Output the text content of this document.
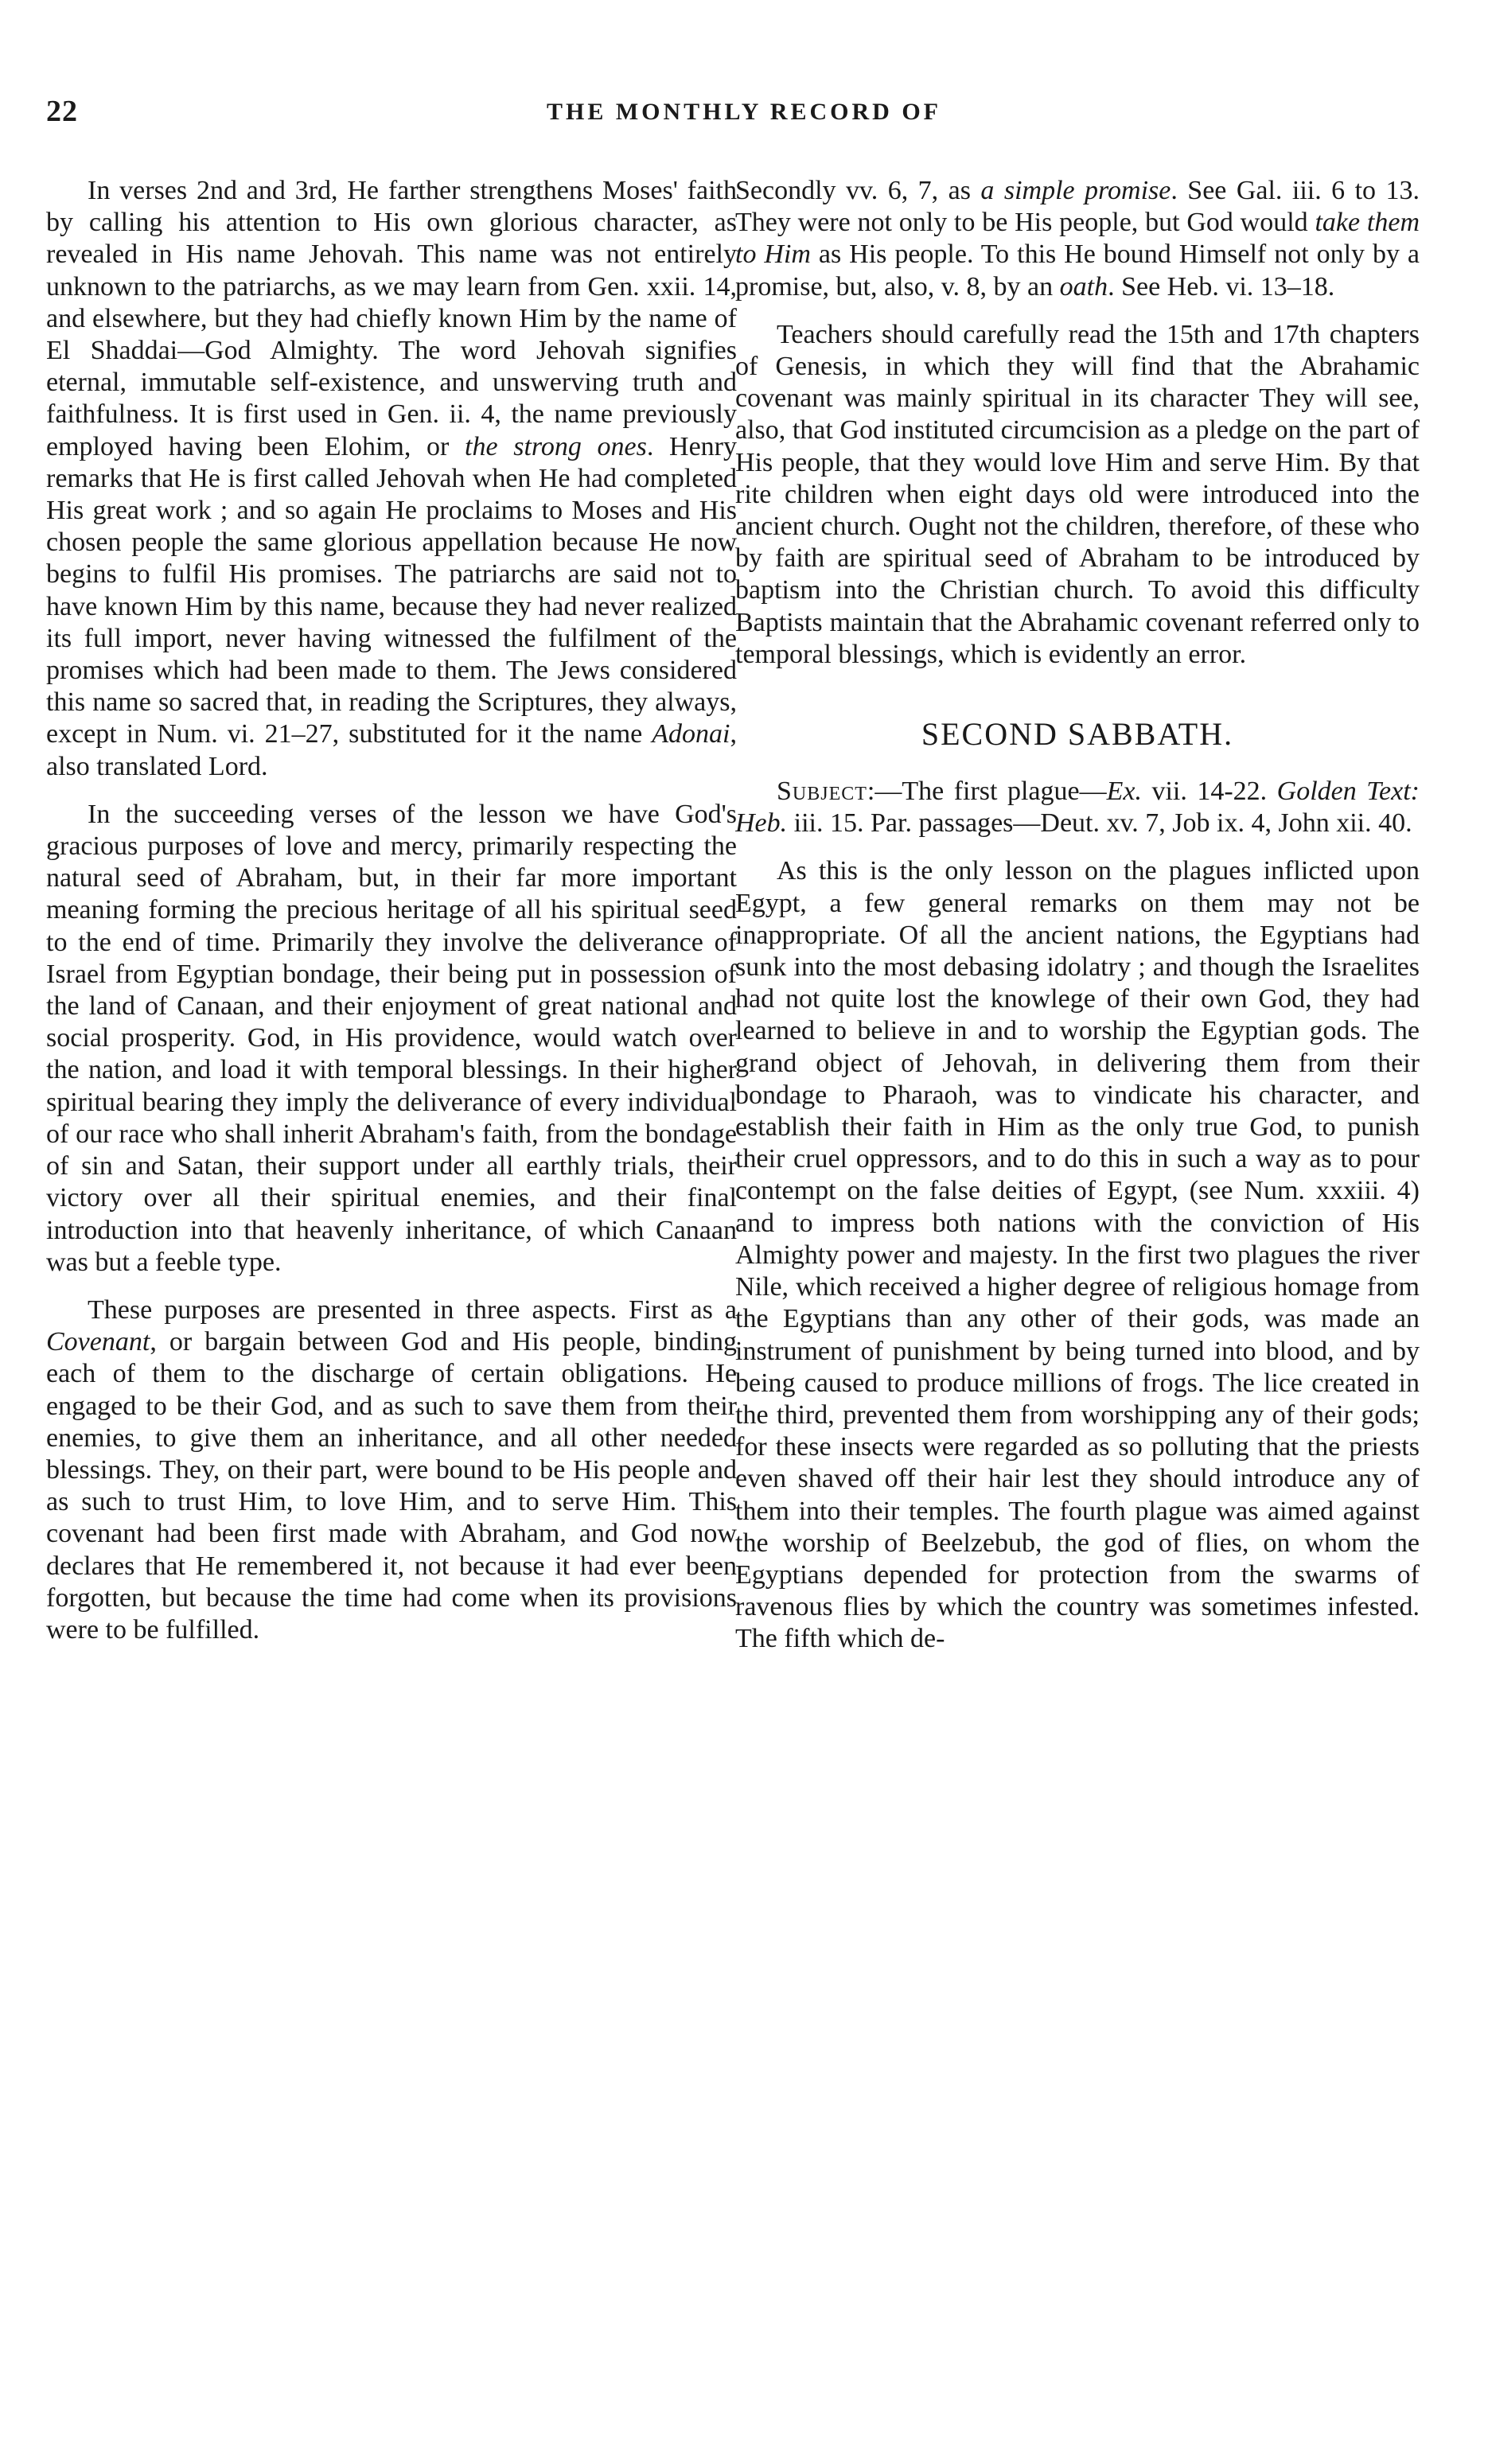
22	THE MONTHLY RECORD OF

In verses 2nd and 3rd, He farther strengthens Moses' faith by calling his attention to His own glorious character, as revealed in His name Jehovah. This name was not entirely unknown to the patriarchs, as we may learn from Gen. xxii. 14, and elsewhere, but they had chiefly known Him by the name of El Shaddai—God Almighty. The word Jehovah signifies eternal, immutable self-existence, and unswerving truth and faithfulness. It is first used in Gen. ii. 4, the name previously employed having been Elohim, or the strong ones. Henry remarks that He is first called Jehovah when He had completed His great work ; and so again He proclaims to Moses and His chosen people the same glorious appellation because He now begins to fulfil His promises. The patriarchs are said not to have known Him by this name, because they had never realized its full import, never having witnessed the fulfilment of the promises which had been made to them. The Jews considered this name so sacred that, in reading the Scriptures, they always, except in Num. vi. 21–27, substituted for it the name Adonai, also translated Lord.

In the succeeding verses of the lesson we have God's gracious purposes of love and mercy, primarily respecting the natural seed of Abraham, but, in their far more important meaning forming the precious heritage of all his spiritual seed to the end of time. Primarily they involve the deliverance of Israel from Egyptian bondage, their being put in possession of the land of Canaan, and their enjoyment of great national and social prosperity. God, in His providence, would watch over the nation, and load it with temporal blessings. In their higher spiritual bearing they imply the deliverance of every individual of our race who shall inherit Abraham's faith, from the bondage of sin and Satan, their support under all earthly trials, their victory over all their spiritual enemies, and their final introduction into that heavenly inheritance, of which Canaan was but a feeble type.

These purposes are presented in three aspects. First as a Covenant, or bargain between God and His people, binding each of them to the discharge of certain obligations. He engaged to be their God, and as such to save them from their enemies, to give them an inheritance, and all other needed blessings. They, on their part, were bound to be His people and as such to trust Him, to love Him, and to serve Him. This covenant had been first made with Abraham, and God now declares that He remembered it, not because it had ever been forgotten, but because the time had come when its provisions were to be fulfilled.

Secondly vv. 6, 7, as a simple promise. See Gal. iii. 6 to 13. They were not only to be His people, but God would take them to Him as His people. To this He bound Himself not only by a promise, but, also, v. 8, by an oath. See Heb. vi. 13–18.

Teachers should carefully read the 15th and 17th chapters of Genesis, in which they will find that the Abrahamic covenant was mainly spiritual in its character They will see, also, that God instituted circumcision as a pledge on the part of His people, that they would love Him and serve Him. By that rite children when eight days old were introduced into the ancient church. Ought not the children, therefore, of these who by faith are spiritual seed of Abraham to be introduced by baptism into the Christian church. To avoid this difficulty Baptists maintain that the Abrahamic covenant referred only to temporal blessings, which is evidently an error.

SECOND SABBATH.

Subject:—The first plague—Ex. vii. 14-22. Golden Text: Heb. iii. 15. Par. passages—Deut. xv. 7, Job ix. 4, John xii. 40.

As this is the only lesson on the plagues inflicted upon Egypt, a few general remarks on them may not be inappropriate. Of all the ancient nations, the Egyptians had sunk into the most debasing idolatry ; and though the Israelites had not quite lost the knowlege of their own God, they had learned to believe in and to worship the Egyptian gods. The grand object of Jehovah, in delivering them from their bondage to Pharaoh, was to vindicate his character, and establish their faith in Him as the only true God, to punish their cruel oppressors, and to do this in such a way as to pour contempt on the false deities of Egypt, (see Num. xxxiii. 4) and to impress both nations with the conviction of His Almighty power and majesty. In the first two plagues the river Nile, which received a higher degree of religious homage from the Egyptians than any other of their gods, was made an instrument of punishment by being turned into blood, and by being caused to produce millions of frogs. The lice created in the third, prevented them from worshipping any of their gods; for these insects were regarded as so polluting that the priests even shaved off their hair lest they should introduce any of them into their temples. The fourth plague was aimed against the worship of Beelzebub, the god of flies, on whom the Egyptians depended for protection from the swarms of ravenous flies by which the country was sometimes infested. The fifth which de-
